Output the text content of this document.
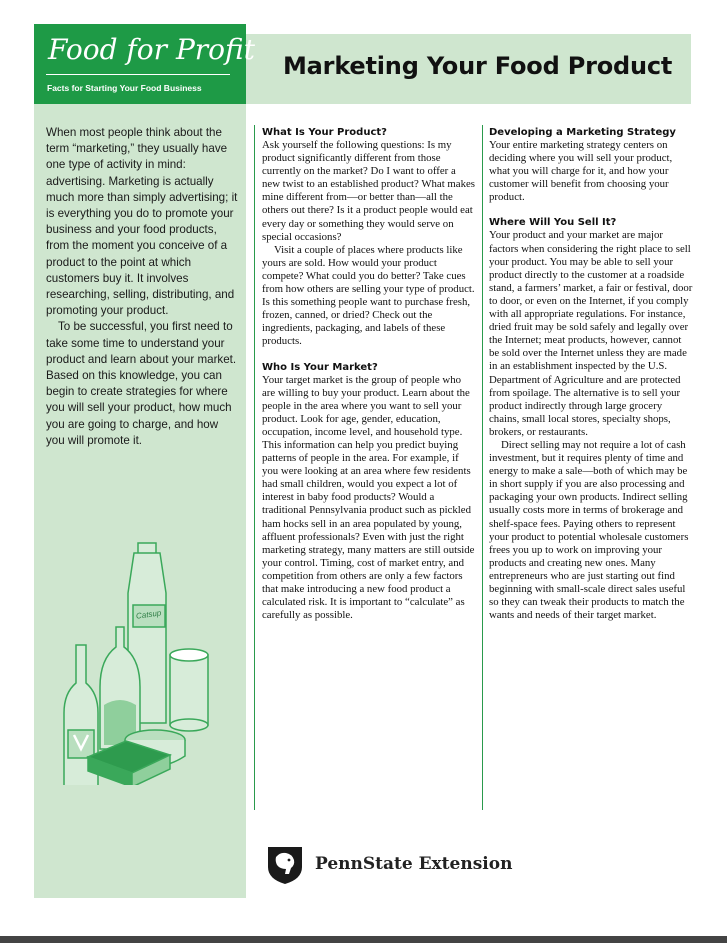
Food for Profit
Facts for Starting Your Food Business
Marketing Your Food Product

When most people think about the term “marketing,” they usually have one type of activity in mind: advertising. Marketing is actually much more than simply advertising; it is everything you do to promote your business and your food products, from the moment you conceive of a product to the point at which customers buy it. It involves researching, selling, distributing, and promoting your product.

To be successful, you first need to take some time to understand your product and learn about your market. Based on this knowledge, you can begin to create strategies for where you will sell your product, how much you are going to charge, and how you will promote it.

Catsup
What Is Your Product?

Ask yourself the following questions: Is my product significantly different from those currently on the market? Do I want to offer a new twist to an established product? What makes mine different from—or better than—all the others out there? Is it a product people would eat every day or something they would serve on special occasions?

Visit a couple of places where products like yours are sold. How would your product compete? What could you do better? Take cues from how others are selling your type of product. Is this something people want to purchase fresh, frozen, canned, or dried? Check out the ingredients, packaging, and labels of these products.

Who Is Your Market?

Your target market is the group of people who are willing to buy your product. Learn about the people in the area where you want to sell your product. Look for age, gender, education, occupation, income level, and household type. This information can help you predict buying patterns of people in the area. For example, if you were looking at an area where few residents had small children, would you expect a lot of interest in baby food products? Would a traditional Pennsylvania product such as pickled ham hocks sell in an area populated by young, affluent professionals? Even with just the right marketing strategy, many matters are still outside your control. Timing, cost of market entry, and competition from others are only a few factors that make introducing a new food product a calculated risk. It is important to “calculate” as carefully as possible.

Developing a Marketing Strategy

Your entire marketing strategy centers on deciding where you will sell your product, what you will charge for it, and how your customer will benefit from choosing your product.

Where Will You Sell It?

Your product and your market are major factors when considering the right place to sell your product. You may be able to sell your product directly to the customer at a roadside stand, a farmers’ market, a fair or festival, door to door, or even on the Internet, if you comply with all appropriate regulations. For instance, dried fruit may be sold safely and legally over the Internet; meat products, however, cannot be sold over the Internet unless they are made in an establishment inspected by the U.S. Department of Agriculture and are protected from spoilage. The alternative is to sell your product indirectly through large grocery chains, small local stores, specialty shops, brokers, or restaurants.

Direct selling may not require a lot of cash investment, but it requires plenty of time and energy to make a sale—both of which may be in short supply if you are also processing and packaging your own products. Indirect selling usually costs more in terms of brokerage and shelf-space fees. Paying others to represent your product to potential wholesale customers frees you up to work on improving your products and creating new ones. Many entrepreneurs who are just starting out find beginning with small-scale direct sales useful so they can tweak their products to match the wants and needs of their target market.

PennState Extension
